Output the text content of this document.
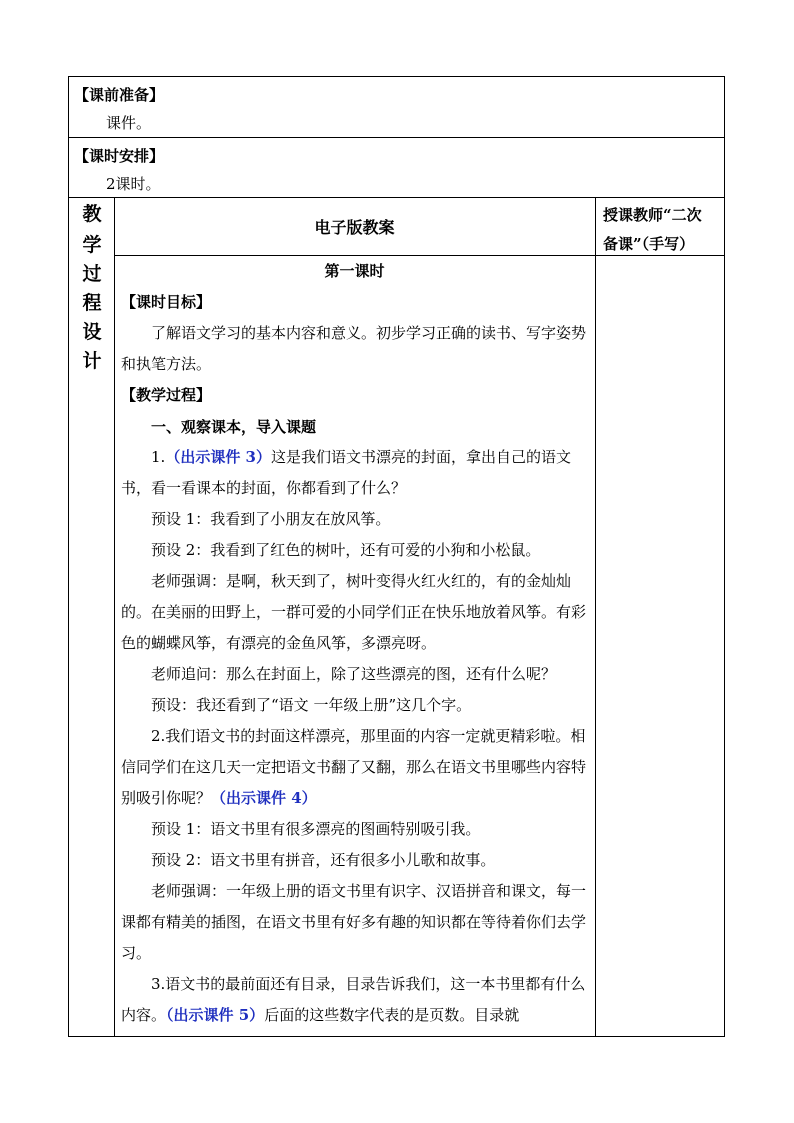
【课前准备】
课件。
【课时安排】
2课时。
教
学
过
程
设
计
电子版教案
授课教师“二次
备课”（手写）
第一课时
【课时目标】

了解语文学习的基本内容和意义。初步学习正确的读书、写字姿势和执笔方法。

【教学过程】
一、观察课本，导入课题

1.（出示课件 3）这是我们语文书漂亮的封面，拿出自己的语文书，看一看课本的封面，你都看到了什么？

预设 1：我看到了小朋友在放风筝。

预设 2：我看到了红色的树叶，还有可爱的小狗和小松鼠。

老师强调：是啊，秋天到了，树叶变得火红火红的，有的金灿灿的。在美丽的田野上，一群可爱的小同学们正在快乐地放着风筝。有彩色的蝴蝶风筝，有漂亮的金鱼风筝，多漂亮呀。

老师追问：那么在封面上，除了这些漂亮的图，还有什么呢？

预设：我还看到了“语文 一年级上册”这几个字。

2.我们语文书的封面这样漂亮，那里面的内容一定就更精彩啦。相信同学们在这几天一定把语文书翻了又翻，那么在语文书里哪些内容特别吸引你呢？（出示课件 4）

预设 1：语文书里有很多漂亮的图画特别吸引我。

预设 2：语文书里有拼音，还有很多小儿歌和故事。

老师强调：一年级上册的语文书里有识字、汉语拼音和课文，每一课都有精美的插图，在语文书里有好多有趣的知识都在等待着你们去学习。

3.语文书的最前面还有目录，目录告诉我们，这一本书里都有什么内容。（出示课件 5）后面的这些数字代表的是页数。目录就
